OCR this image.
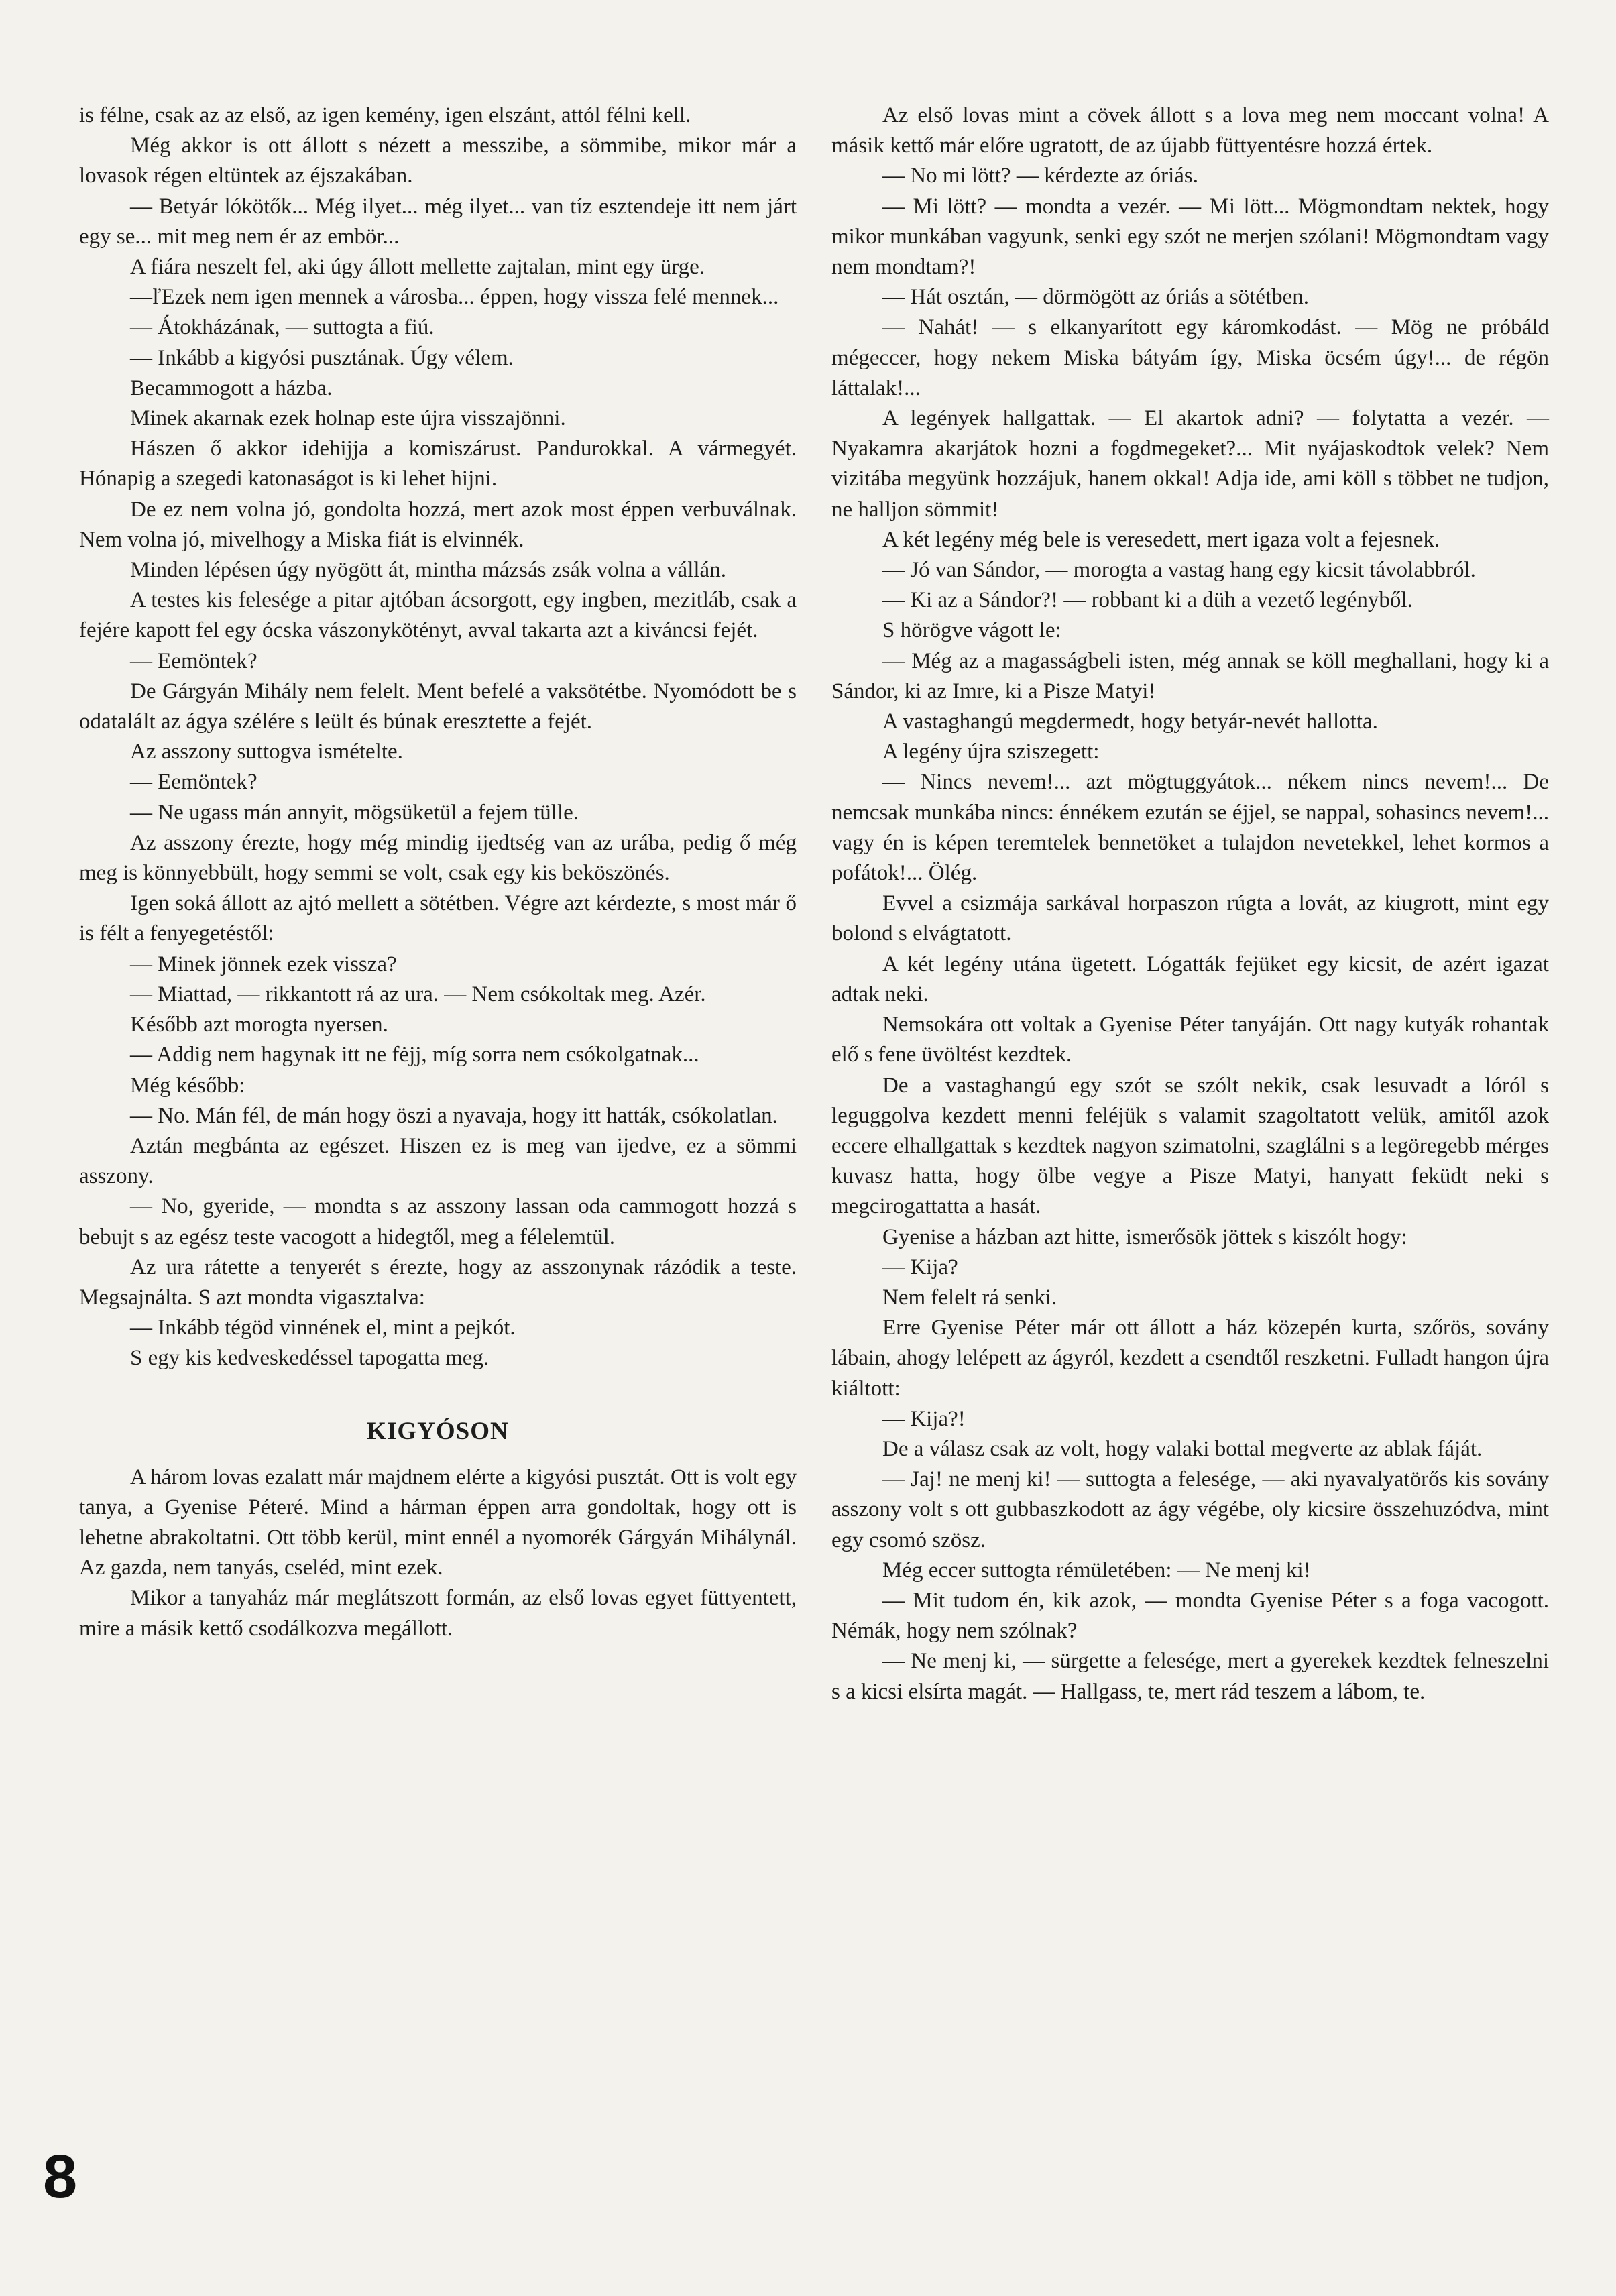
is félne, csak az az első, az igen kemény, igen elszánt, attól félni kell.

Még akkor is ott állott s nézett a messzibe, a sömmibe, mikor már a lovasok régen eltüntek az éjszakában.

— Betyár lókötők... Még ilyet... még ilyet... van tíz esztendeje itt nem járt egy se... mit meg nem ér az embör...

A fiára neszelt fel, aki úgy állott mellette zajtalan, mint egy ürge.

—ľEzek nem igen mennek a városba... éppen, hogy vissza felé mennek...

— Átokházának, — suttogta a fiú.

— Inkább a kigyósi pusztának. Úgy vélem.

Becammogott a házba.

Minek akarnak ezek holnap este újra visszajönni.

Hászen ő akkor idehijja a komiszárust. Pandurokkal. A vármegyét. Hónapig a szegedi katonaságot is ki lehet hijni.

De ez nem volna jó, gondolta hozzá, mert azok most éppen verbuválnak. Nem volna jó, mivelhogy a Miska fiát is elvinnék.

Minden lépésen úgy nyögött át, mintha mázsás zsák volna a vállán.

A testes kis felesége a pitar ajtóban ácsorgott, egy ingben, mezitláb, csak a fejére kapott fel egy ócska vászonykötényt, avval takarta azt a kiváncsi fejét.

— Eemöntek?

De Gárgyán Mihály nem felelt. Ment befelé a vaksötétbe. Nyomódott be s odatalált az ágya szélére s leült és búnak eresztette a fejét.

Az asszony suttogva ismételte.

— Eemöntek?

— Ne ugass mán annyit, mögsüketül a fejem tülle.

Az asszony érezte, hogy még mindig ijedtség van az urába, pedig ő még meg is könnyebbült, hogy semmi se volt, csak egy kis beköszönés.

Igen soká állott az ajtó mellett a sötétben. Végre azt kérdezte, s most már ő is félt a fenyegetéstől:

— Minek jönnek ezek vissza?

— Miattad, — rikkantott rá az ura. — Nem csókoltak meg. Azér.

Később azt morogta nyersen.

— Addig nem hagynak itt ne fėjj, míg sorra nem csókolgatnak...

Még később:

— No. Mán fél, de mán hogy öszi a nyavaja, hogy itt hatták, csókolatlan.

Aztán megbánta az egészet. Hiszen ez is meg van ijedve, ez a sömmi asszony.

— No, gyeride, — mondta s az asszony lassan oda cammogott hozzá s bebujt s az egész teste vacogott a hidegtől, meg a félelemtül.

Az ura rátette a tenyerét s érezte, hogy az asszonynak rázódik a teste. Megsajnálta. S azt mondta vigasztalva:

— Inkább tégöd vinnének el, mint a pejkót.

S egy kis kedveskedéssel tapogatta meg.

KIGYÓSON

A három lovas ezalatt már majdnem elérte a kigyósi pusztát. Ott is volt egy tanya, a Gyenise Péteré. Mind a hárman éppen arra gondoltak, hogy ott is lehetne abrakoltatni. Ott több kerül, mint ennél a nyomorék Gárgyán Mihálynál. Az gazda, nem tanyás, cseléd, mint ezek.

Mikor a tanyaház már meglátszott formán, az első lovas egyet füttyentett, mire a másik kettő csodálkozva megállott.

Az első lovas mint a cövek állott s a lova meg nem moccant volna! A másik kettő már előre ugratott, de az újabb füttyentésre hozzá értek.

— No mi lött? — kérdezte az óriás.

— Mi lött? — mondta a vezér. — Mi lött... Mögmondtam nektek, hogy mikor munkában vagyunk, senki egy szót ne merjen szólani! Mögmondtam vagy nem mondtam?!

— Hát osztán, — dörmögött az óriás a sötétben.

— Nahát! — s elkanyarított egy káromkodást. — Mög ne próbáld mégeccer, hogy nekem Miska bátyám így, Miska öcsém úgy!... de régön láttalak!...

A legények hallgattak. — El akartok adni? — folytatta a vezér. — Nyakamra akarjátok hozni a fogdmegeket?... Mit nyájaskodtok velek? Nem vizitába megyünk hozzájuk, hanem okkal! Adja ide, ami köll s többet ne tudjon, ne halljon sömmit!

A két legény még bele is veresedett, mert igaza volt a fejesnek.

— Jó van Sándor, — morogta a vastag hang egy kicsit távolabbról.

— Ki az a Sándor?! — robbant ki a düh a vezető legényből.

S hörögve vágott le:

— Még az a magasságbeli isten, még annak se köll meghallani, hogy ki a Sándor, ki az Imre, ki a Pisze Matyi!

A vastaghangú megdermedt, hogy betyár-nevét hallotta.

A legény újra sziszegett:

— Nincs nevem!... azt mögtuggyátok... nékem nincs nevem!... De nemcsak munkába nincs: énnékem ezután se éjjel, se nappal, sohasincs nevem!... vagy én is képen teremtelek bennetöket a tulajdon nevetekkel, lehet kormos a pofátok!... Ölég.

Evvel a csizmája sarkával horpaszon rúgta a lovát, az kiugrott, mint egy bolond s elvágtatott.

A két legény utána ügetett. Lógatták fejüket egy kicsit, de azért igazat adtak neki.

Nemsokára ott voltak a Gyenise Péter tanyáján. Ott nagy kutyák rohantak elő s fene üvöltést kezdtek.

De a vastaghangú egy szót se szólt nekik, csak lesuvadt a lóról s leguggolva kezdett menni feléjük s valamit szagoltatott velük, amitől azok eccere elhallgattak s kezdtek nagyon szimatolni, szaglálni s a legöregebb mérges kuvasz hatta, hogy ölbe vegye a Pisze Matyi, hanyatt feküdt neki s megcirogattatta a hasát.

Gyenise a házban azt hitte, ismerősök jöttek s kiszólt hogy:

— Kija?

Nem felelt rá senki.

Erre Gyenise Péter már ott állott a ház közepén kurta, szőrös, sovány lábain, ahogy lelépett az ágyról, kezdett a csendtől reszketni. Fulladt hangon újra kiáltott:

— Kija?!

De a válasz csak az volt, hogy valaki bottal megverte az ablak fáját.

— Jaj! ne menj ki! — suttogta a felesége, — aki nyavalyatörős kis sovány asszony volt s ott gubbaszkodott az ágy végébe, oly kicsire összehuzódva, mint egy csomó szösz.

Még eccer suttogta rémületében: — Ne menj ki!

— Mit tudom én, kik azok, — mondta Gyenise Péter s a foga vacogott. Némák, hogy nem szólnak?

— Ne menj ki, — sürgette a felesége, mert a gyerekek kezdtek felneszelni s a kicsi elsírta magát. — Hallgass, te, mert rád teszem a lábom, te.

8
